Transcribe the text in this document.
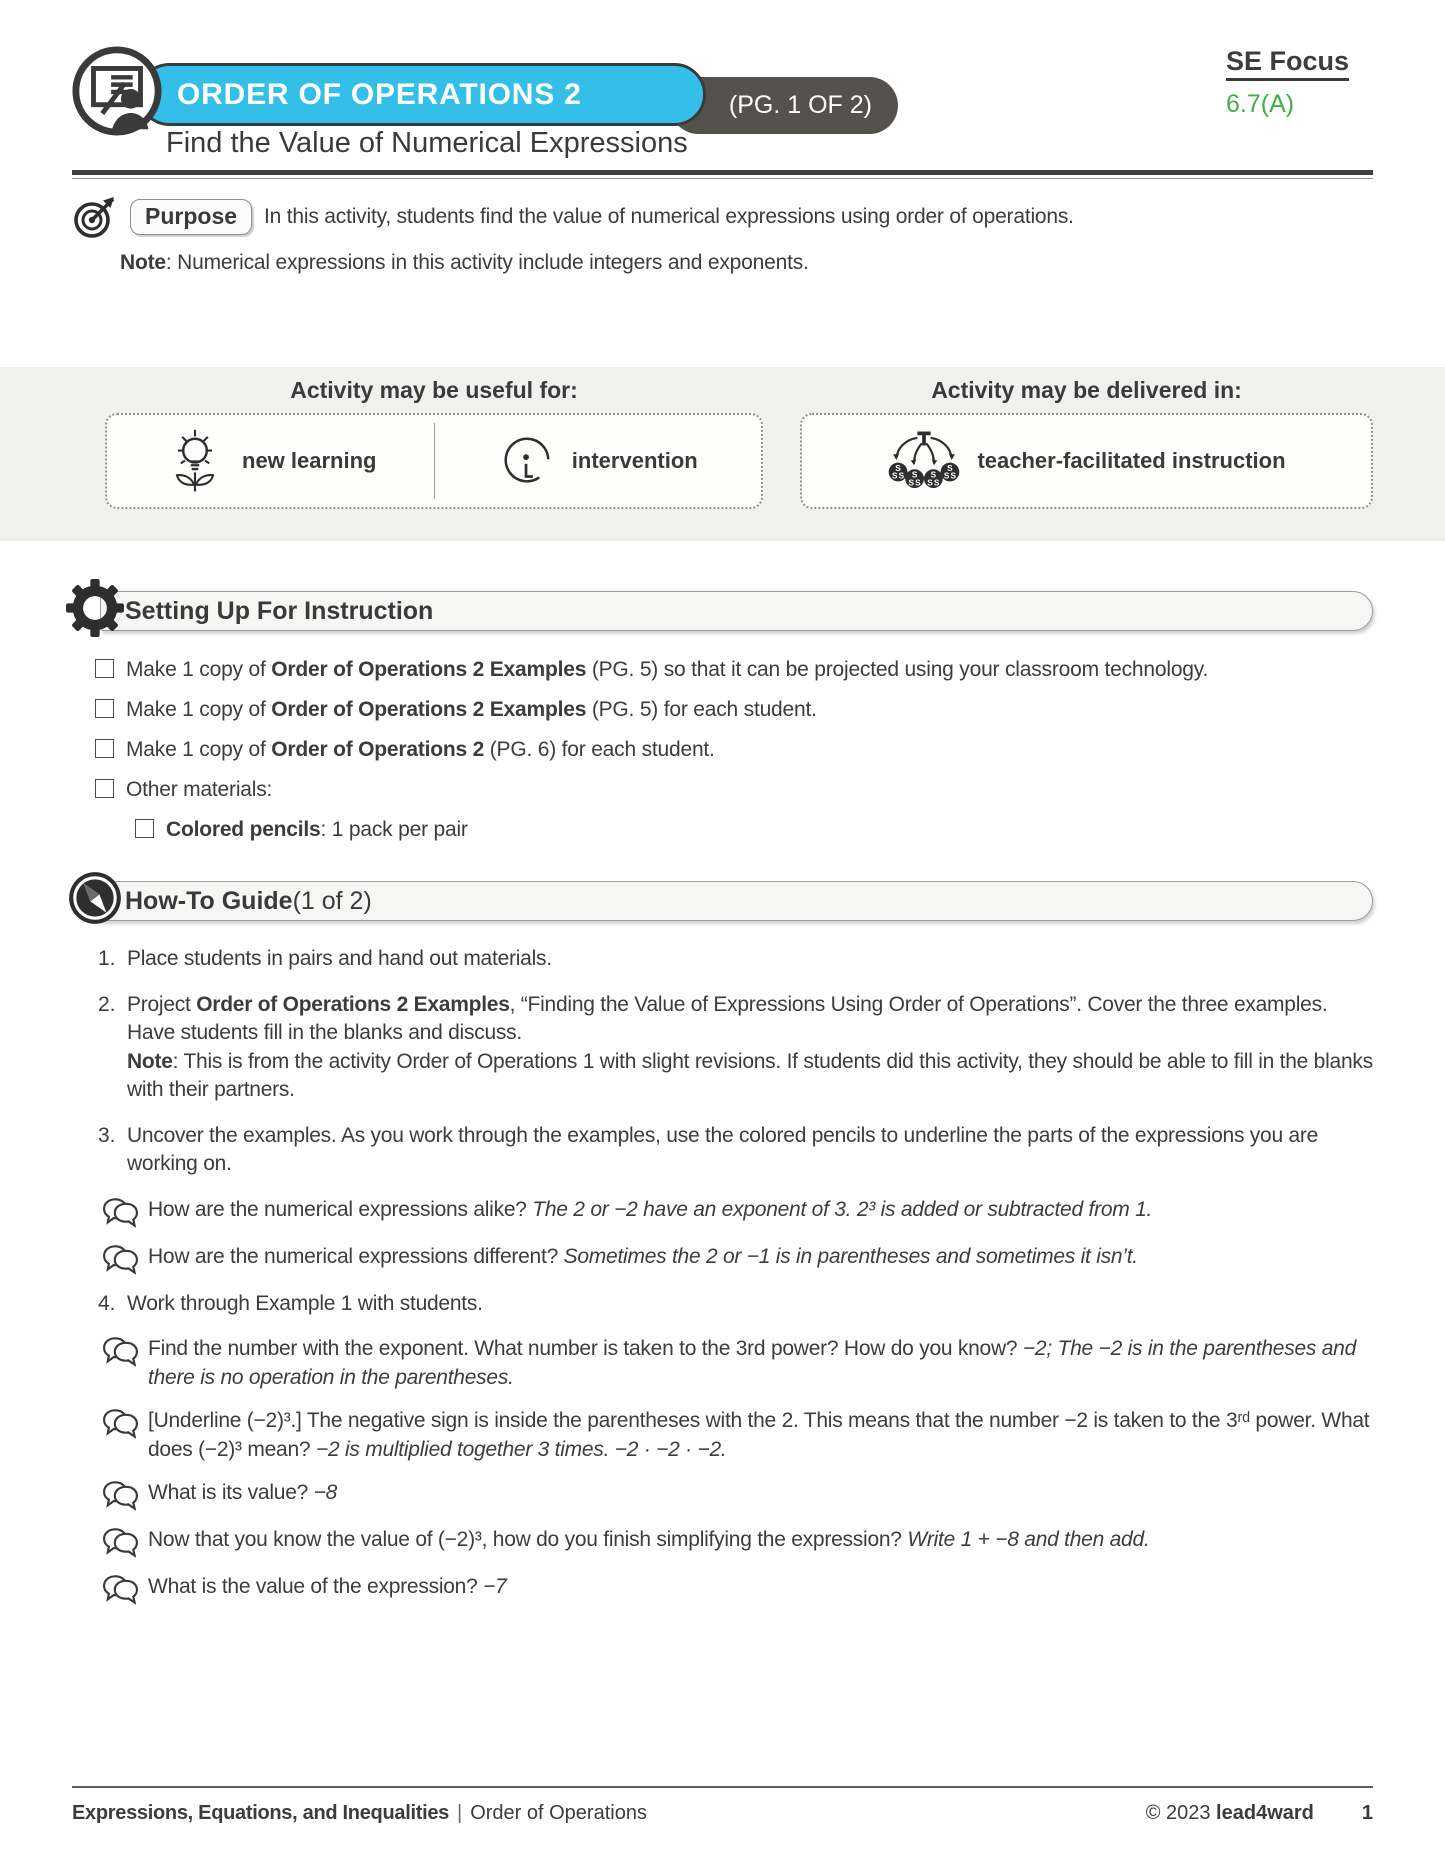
ORDER OF OPERATIONS 2	(PG. 1 OF 2)
SE Focus
6.7(A)
Find the Value of Numerical Expressions
Purpose	In this activity, students find the value of numerical expressions using order of operations.
Note: Numerical expressions in this activity include integers and exponents.
Activity may be useful for:
new learning	intervention
Activity may be delivered in:
teacher-facilitated instruction
Setting Up For Instruction
Make 1 copy of Order of Operations 2 Examples (PG. 5) so that it can be projected using your classroom technology.
Make 1 copy of Order of Operations 2 Examples (PG. 5) for each student.
Make 1 copy of Order of Operations 2 (PG. 6) for each student.
Other materials:
Colored pencils: 1 pack per pair
How-To Guide (1 of 2)
1. Place students in pairs and hand out materials.
2. Project Order of Operations 2 Examples, “Finding the Value of Expressions Using Order of Operations”. Cover the three examples. Have students fill in the blanks and discuss.
Note: This is from the activity Order of Operations 1 with slight revisions. If students did this activity, they should be able to fill in the blanks with their partners.
3. Uncover the examples. As you work through the examples, use the colored pencils to underline the parts of the expressions you are working on.

How are the numerical expressions alike? The 2 or −2 have an exponent of 3. 2³ is added or subtracted from 1.

How are the numerical expressions different? Sometimes the 2 or −1 is in parentheses and sometimes it isn’t.

4. Work through Example 1 with students.

Find the number with the exponent. What number is taken to the 3rd power? How do you know? −2; The −2 is in the parentheses and there is no operation in the parentheses.

[Underline (−2)³.] The negative sign is inside the parentheses with the 2. This means that the number −2 is taken to the 3ʳᵈ power. What does (−2)³ mean? −2 is multiplied together 3 times. −2 · −2 · −2.

What is its value? −8

Now that you know the value of (−2)³, how do you finish simplifying the expression? Write 1 + −8 and then add.

What is the value of the expression? −7

Expressions, Equations, and Inequalities | Order of Operations	© 2023 lead4ward 1
